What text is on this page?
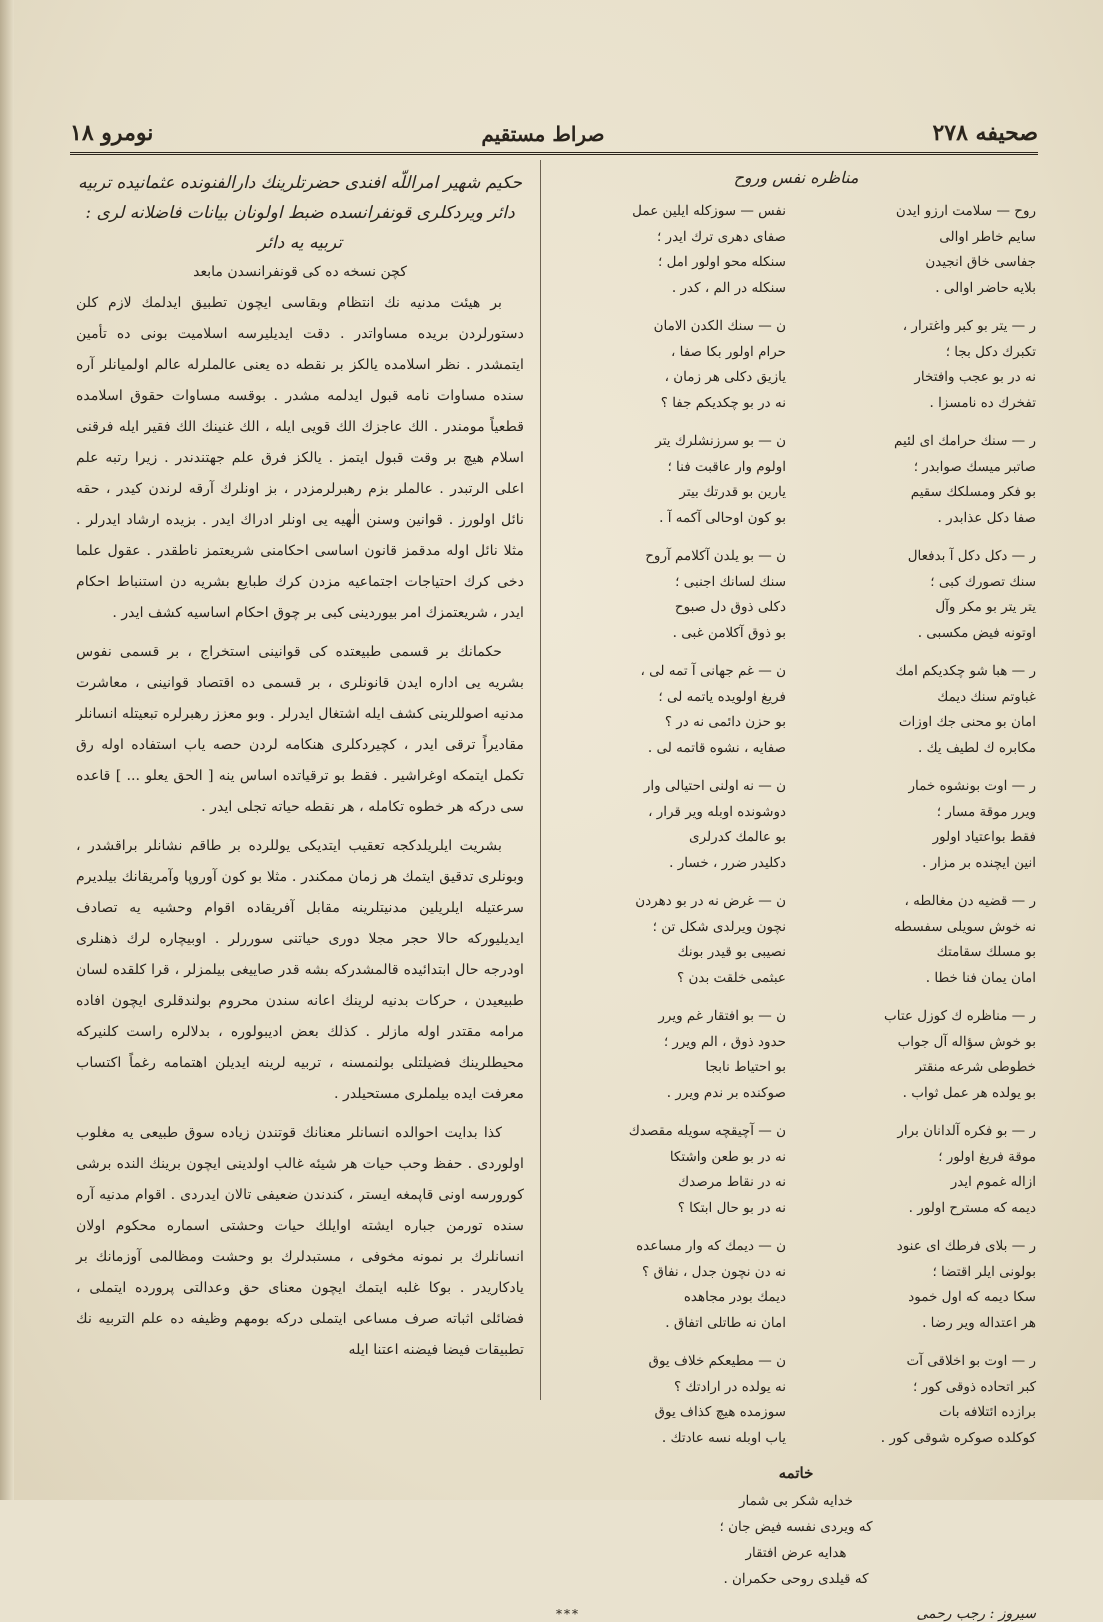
صحيفه ۲۷۸
صراط مستقيم
نومرو ۱۸
مناظره نفس وروح
روح — سلامت ارزو ايدن
سايم خاطر اوالى
جفاسى خاق انجيدن
بلايه حاضر اوالى .
نفس — سوزكله ايلين عمل
صفاى دهرى ترك ايدر ؛
سنكله محو اولور امل ؛
سنكله در الم ، كدر .
ر — يتر بو كبر واغترار ،
تكبرك دكل بجا ؛
نه در بو عجب وافتخار
تفخرك ده نامسزا .
ن — سنك الكدن الامان
حرام اولور بكا صفا ،
يازيق دكلى هر زمان ،
نه در بو چكديكم جفا ؟
ر — سنك حرامك اى لئيم
صاتبر ميسك صوابدر ؛
بو فكر ومسلكك سقيم
صفا دكل عذابدر .
ن — بو سرزنشلرك يتر
اولوم وار عاقبت فنا ؛
يارين بو قدرتك بيتر
بو كون اوحالى آكمه آ .
ر — دكل دكل آ بدفعال
سنك تصورك كبى ؛
يتر يتر بو مكر وآل
اوتونه فيض مكسبى .
ن — بو يلدن آكلامم آروح
سنك لسانك اجنبى ؛
دكلى ذوق دل صبوح
بو ذوق آكلامن غبى .
ر — هبا شو چكديكم امك
غباوتم سنك ديمك
امان بو محنى جك اوزات
مكابره ك لطيف يك .
ن — غم جهانى آ تمه لى ،
فريغ اولويده ياتمه لى ؛
بو حزن دائمى نه در ؟
صفايه ، نشوه قاتمه لى .
ر — اوت بونشوه خمار
ويرر موقة مسار ؛
فقط بواعتياد اولور
انين ايچنده بر مزار .
ن — نه اولنى احتيالى وار
دوشونده اوبله وير قرار ،
بو عالمك كدرلرى
دكليدر ضرر ، خسار .
ر — قضيه دن مغالطه ،
نه خوش سويلى سفسطه
بو مسلك سقامتك
امان يمان فنا خطا .
ن — غرض نه در بو دهردن
نچون ويرلدى شكل تن ؛
نصيبى بو قيدر بونك
عبثمى خلقت بدن ؟
ر — مناظره ك كوزل عتاب
بو خوش سؤاله آل جواب
خطوطى شرعه منقتر
بو يولده هر عمل ثواب .
ن — بو افتقار غم ويرر
حدود ذوق ، الم ويرر ؛
بو احتياط نابجا
صوكنده بر ندم ويرر .
ر — بو فكره آلدانان برار
موقة فريغ اولور ؛
ازاله غموم ايدر
ديمه كه مسترح اولور .
ن — آچيقچه سويله مقصدك
نه در بو طعن واشتكا
نه در نقاط مرصدك
نه در بو حال ابتكا ؟
ر — بلاى فرطك اى عنود
بولونى ايلر اقتضا ؛
سكا ديمه كه اول خمود
هر اعتداله وير رضا .
ن — ديمك كه وار مساعده
نه دن نچون جدل ، نفاق ؟
ديمك بودر مجاهده
امان نه طاتلى اتفاق .
ر — اوت بو اخلاقى آت
كبر اتحاده ذوقى كور ؛
برازده ائتلافه بات
كوكلده صوكره شوقى كور .
ن — مطيعكم خلاف يوق
نه يولده در ارادتك ؟
سوزمده هيچ كذاف يوق
ياب اوبله نسه عادتك .
خاتمه
خدايه شكر بى شمار
كه ويردى نفسه فيض جان ؛
هدايه عرض افتقار
كه قيلدى روحى حكمران .
سيروز : رجب رحمى
***
حكيم شهير امراللّه افندى حضرتلرينك دارالفنونده عثمانيده تربيه
دائر ويردكلرى قونفرانسده ضبط اولونان بيانات فاضلانه لرى :
تربيه يه دائر
كچن نسخه ده كى قونفرانسدن مابعد

بر هيئت مدنيه نك انتظام وبقاسى ايچون تطبيق ايدلمك لازم كلن دستورلردن بريده مساواتدر . دقت ايديليرسه اسلاميت بونى ده تأمين ايتمشدر . نظر اسلامده يالكز بر نقطه ده يعنى عالملرله عالم اولميانلر آره سنده مساوات نامه قبول ايدلمه مشدر . بوقسه مساوات حقوق اسلامده قطعياً مومندر . الك عاجزك الك قويى ايله ، الك غنينك الك فقير ايله فرقنى اسلام هيچ بر وقت قبول ايتمز . يالكز فرق علم جهتندندر . زيرا رتبه علم اعلى الرتبدر . عالملر بزم رهبرلرمزدر ، بز اونلرك آرقه لرندن كيدر ، حقه نائل اولورز . قوانين وسنن الٰهيه يى اونلر ادراك ايدر . بزيده ارشاد ايدرلر . مثلا نائل اوله مدقمز قانون اساسى احكامنى شريعتمز ناطقدر . عقول علما دخى كرك احتياجات اجتماعيه مزدن كرك طبايع بشريه دن استنباط احكام ايدر ، شريعتمزك امر بيوردينى كبى بر چوق احكام اساسيه كشف ايدر .

حكمانك بر قسمى طبيعتده كى قوانينى استخراج ، بر قسمى نفوس بشريه يى اداره ايدن قانونلرى ، بر قسمى ده اقتصاد قوانينى ، معاشرت مدنيه اصوللرينى كشف ايله اشتغال ايدرلر . وبو معزز رهبرلره تبعيتله انسانلر مقاديراً ترقى ايدر ، كچيردكلرى هنكامه لردن حصه ياب استفاده اوله رق تكمل ايتمكه اوغراشير . فقط بو ترقياتده اساس ينه [ الحق يعلو ... ] قاعده سى دركه هر خطوه تكامله ، هر نقطه حياته تجلى ايدر .

بشريت ايلريلدكجه تعقيب ايتديكى يوللرده بر طاقم نشانلر براقشدر ، وبونلرى تدقيق ايتمك هر زمان ممكندر . مثلا بو كون آوروپا وآمريقانك بيلديرم سرعتيله ايلريلين مدنيتلرينه مقابل آفريقاده اقوام وحشيه يه تصادف ايديليوركه حالا حجر مجلا دورى حياتنى سوررلر . اوبيچاره لرك ذهنلرى اودرجه حال ابتدائيده قالمشدركه بشه قدر صاييغى بيلمزلر ، قرا كلقده لسان طبيعيدن ، حركات بدنيه لرينك اعانه سندن محروم بولندقلرى ايچون افاده مرامه مقتدر اوله مازلر . كذلك بعض اديبولوره ، بدلالره راست كلنيركه محيطلرينك فضيلتلى بولنمسنه ، تربيه لرينه ايديلن اهتمامه رغماً اكتساب معرفت ايده بيلملرى مستحيلدر .

كذا بدايت احوالده انسانلر معنانك قوتندن زياده سوق طبيعى يه مغلوب اولوردى . حفظ وحب حيات هر شيئه غالب اولدينى ايچون برينك النده برشى كورورسه اونى قاپمغه ايستر ، كندندن ضعيفى تالان ايدردى . اقوام مدنيه آره سنده تورمن جباره ايشته اوايلك حيات وحشتى اسماره محكوم اولان انسانلرك بر نمونه مخوفى ، مستبدلرك بو وحشت ومظالمى آوزمانك بر يادكاريدر . بوكا غلبه ايتمك ايچون معناى حق وعدالتى پرورده ايتملى ، فضائلى اثباته صرف مساعى ايتملى دركه بومهم وظيفه ده علم التربيه نك تطبيقات فيضا فيضنه اعتنا ايله
